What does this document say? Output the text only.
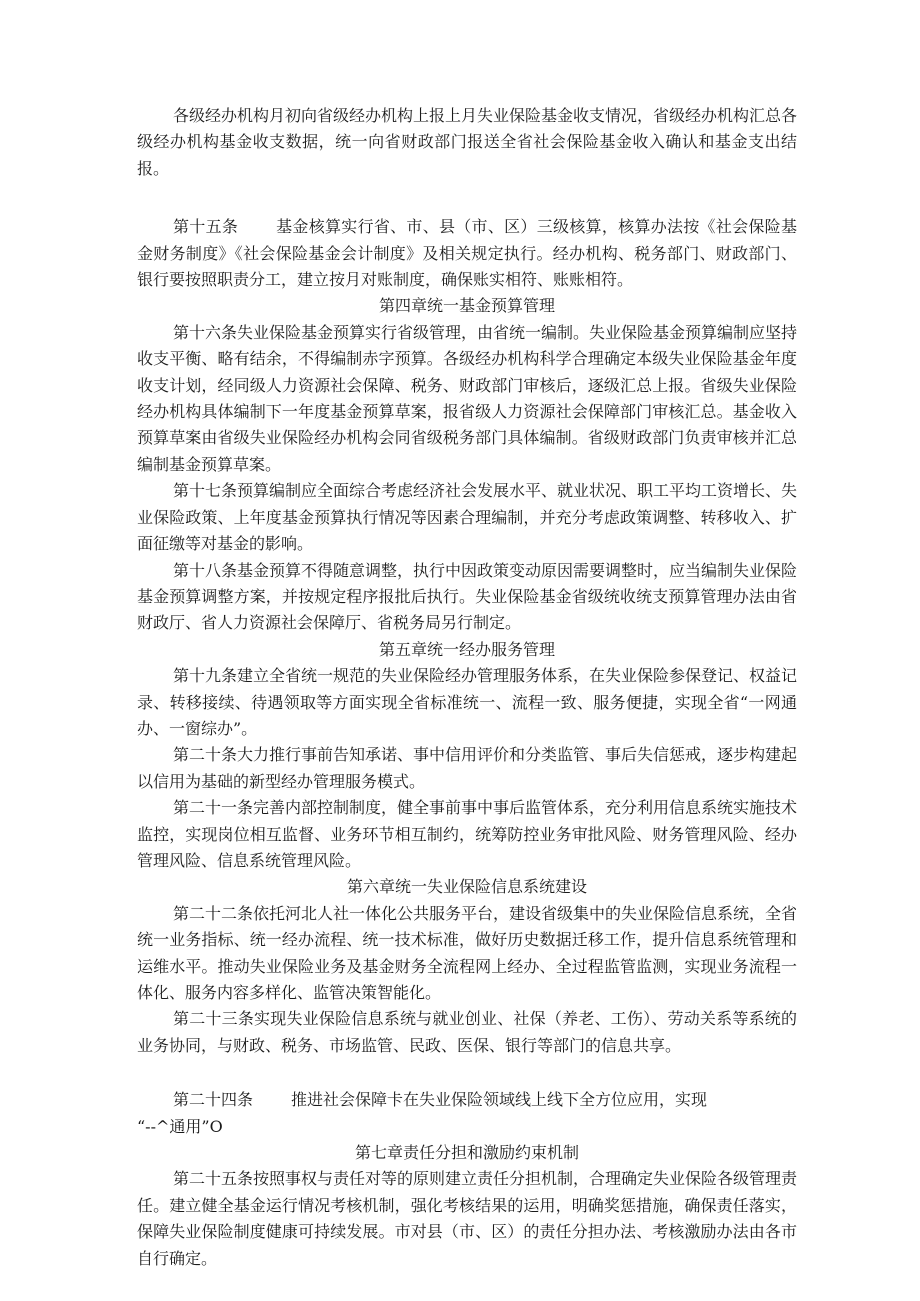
各级经办机构月初向省级经办机构上报上月失业保险基金收支情况，省级经办机构汇总各级经办机构基金收支数据，统一向省财政部门报送全省社会保险基金收入确认和基金支出结报。

第十五条 基金核算实行省、市、县（市、区）三级核算，核算办法按《社会保险基金财务制度》《社会保险基金会计制度》及相关规定执行。经办机构、税务部门、财政部门、银行要按照职责分工，建立按月对账制度，确保账实相符、账账相符。

第四章统一基金预算管理

第十六条失业保险基金预算实行省级管理，由省统一编制。失业保险基金预算编制应坚持收支平衡、略有结余，不得编制赤字预算。各级经办机构科学合理确定本级失业保险基金年度收支计划，经同级人力资源社会保障、税务、财政部门审核后，逐级汇总上报。省级失业保险经办机构具体编制下一年度基金预算草案，报省级人力资源社会保障部门审核汇总。基金收入预算草案由省级失业保险经办机构会同省级税务部门具体编制。省级财政部门负责审核并汇总编制基金预算草案。

第十七条预算编制应全面综合考虑经济社会发展水平、就业状况、职工平均工资增长、失业保险政策、上年度基金预算执行情况等因素合理编制，并充分考虑政策调整、转移收入、扩面征缴等对基金的影响。

第十八条基金预算不得随意调整，执行中因政策变动原因需要调整时，应当编制失业保险基金预算调整方案，并按规定程序报批后执行。失业保险基金省级统收统支预算管理办法由省财政厅、省人力资源社会保障厅、省税务局另行制定。

第五章统一经办服务管理

第十九条建立全省统一规范的失业保险经办管理服务体系，在失业保险参保登记、权益记录、转移接续、待遇领取等方面实现全省标准统一、流程一致、服务便捷，实现全省“一网通办、一窗综办”。

第二十条大力推行事前告知承诺、事中信用评价和分类监管、事后失信惩戒，逐步构建起以信用为基础的新型经办管理服务模式。

第二十一条完善内部控制制度，健全事前事中事后监管体系，充分利用信息系统实施技术监控，实现岗位相互监督、业务环节相互制约，统筹防控业务审批风险、财务管理风险、经办管理风险、信息系统管理风险。

第六章统一失业保险信息系统建设

第二十二条依托河北人社一体化公共服务平台，建设省级集中的失业保险信息系统，全省统一业务指标、统一经办流程、统一技术标准，做好历史数据迁移工作，提升信息系统管理和运维水平。推动失业保险业务及基金财务全流程网上经办、全过程监管监测，实现业务流程一体化、服务内容多样化、监管决策智能化。

第二十三条实现失业保险信息系统与就业创业、社保（养老、工伤）、劳动关系等系统的业务协同，与财政、税务、市场监管、民政、医保、银行等部门的信息共享。

第二十四条 推进社会保障卡在失业保险领域线上线下全方位应用，实现

“--^通用”O

第七章责任分担和激励约束机制

第二十五条按照事权与责任对等的原则建立责任分担机制，合理确定失业保险各级管理责任。建立健全基金运行情况考核机制，强化考核结果的运用，明确奖惩措施，确保责任落实，保障失业保险制度健康可持续发展。市对县（市、区）的责任分担办法、考核激励办法由各市自行确定。
